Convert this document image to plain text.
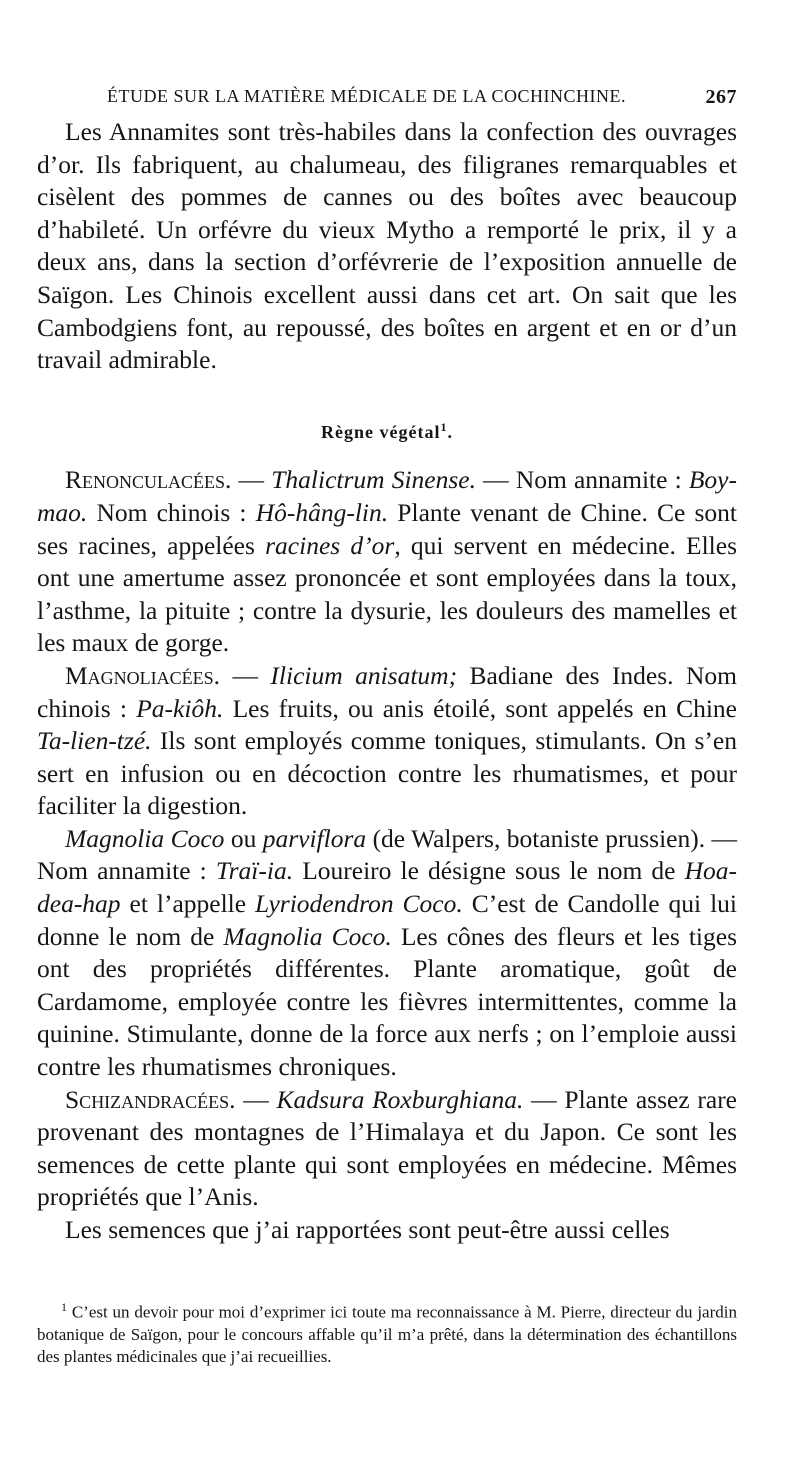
ÉTUDE SUR LA MATIÈRE MÉDICALE DE LA COCHINCHINE.	267

Les Annamites sont très-habiles dans la confection des ouvrages d’or. Ils fabriquent, au chalumeau, des filigranes remarquables et cisèlent des pommes de cannes ou des boîtes avec beaucoup d’habileté. Un orfévre du vieux Mytho a remporté le prix, il y a deux ans, dans la section d’orfévrerie de l’exposition annuelle de Saïgon. Les Chinois excellent aussi dans cet art. On sait que les Cambodgiens font, au repoussé, des boîtes en argent et en or d’un travail admirable.

Règne végétal$^1$.

Renonculacées. — Thalictrum Sinense. — Nom annamite : Boy-mao. Nom chinois : Hô-hâng-lin. Plante venant de Chine. Ce sont ses racines, appelées racines d’or, qui servent en médecine. Elles ont une amertume assez prononcée et sont employées dans la toux, l’asthme, la pituite ; contre la dysurie, les douleurs des mamelles et les maux de gorge.

Magnoliacées. — Ilicium anisatum; Badiane des Indes. Nom chinois : Pa-kiôh. Les fruits, ou anis étoilé, sont appelés en Chine Ta-lien-tzé. Ils sont employés comme toniques, stimulants. On s’en sert en infusion ou en décoction contre les rhumatismes, et pour faciliter la digestion.

Magnolia Coco ou parviflora (de Walpers, botaniste prussien). — Nom annamite : Traï-ia. Loureiro le désigne sous le nom de Hoa-dea-hap et l’appelle Lyriodendron Coco. C’est de Candolle qui lui donne le nom de Magnolia Coco. Les cônes des fleurs et les tiges ont des propriétés différentes. Plante aromatique, goût de Cardamome, employée contre les fièvres intermittentes, comme la quinine. Stimulante, donne de la force aux nerfs ; on l’emploie aussi contre les rhumatismes chroniques.

Schizandracées. — Kadsura Roxburghiana. — Plante assez rare provenant des montagnes de l’Himalaya et du Japon. Ce sont les semences de cette plante qui sont employées en médecine. Mêmes propriétés que l’Anis.

Les semences que j’ai rapportées sont peut-être aussi celles

$^1$ C’est un devoir pour moi d’exprimer ici toute ma reconnaissance à M. Pierre, directeur du jardin botanique de Saïgon, pour le concours affable qu’il m’a prêté, dans la détermination des échantillons des plantes médicinales que j’ai recueillies.
